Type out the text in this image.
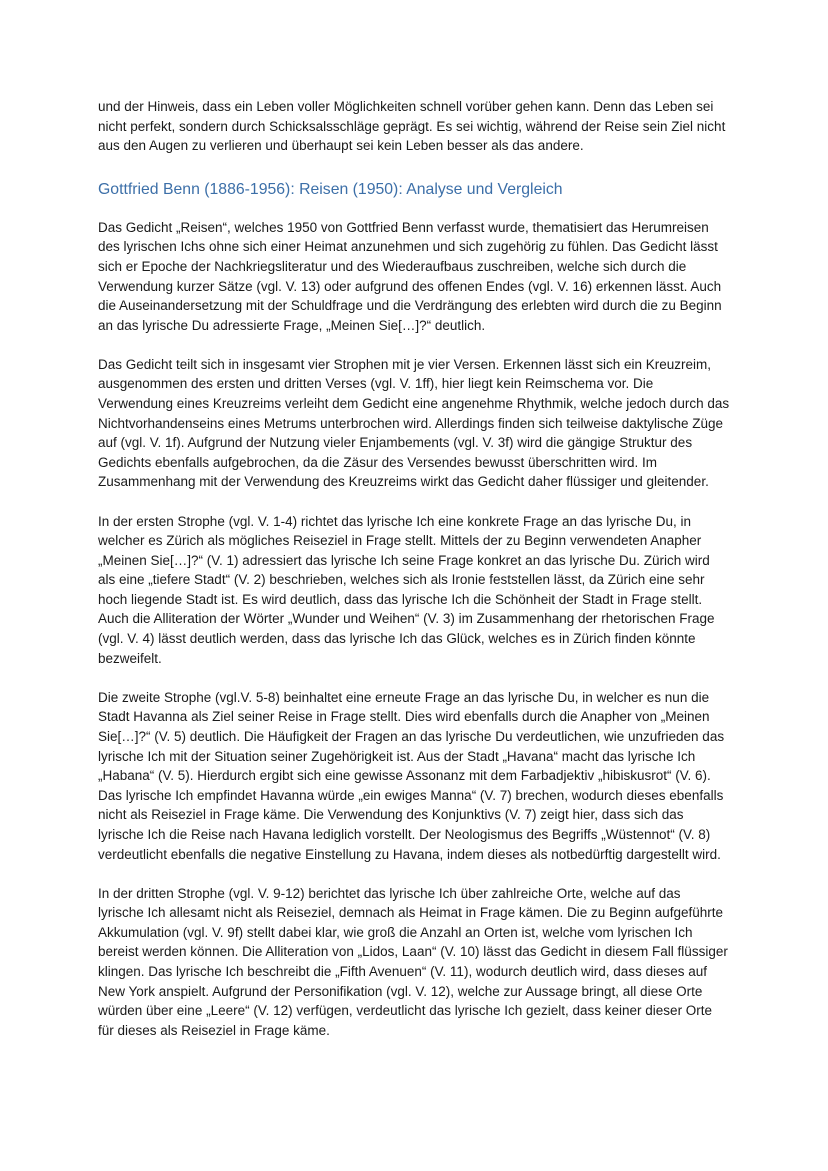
und der Hinweis, dass ein Leben voller Möglichkeiten schnell vorüber gehen kann. Denn das Leben sei nicht perfekt, sondern durch Schicksalsschläge geprägt. Es sei wichtig, während der Reise sein Ziel nicht aus den Augen zu verlieren und überhaupt sei kein Leben besser als das andere.

Gottfried Benn (1886-1956): Reisen (1950): Analyse und Vergleich

Das Gedicht „Reisen“, welches 1950 von Gottfried Benn verfasst wurde, thematisiert das Herumreisen des lyrischen Ichs ohne sich einer Heimat anzunehmen und sich zugehörig zu fühlen. Das Gedicht lässt sich er Epoche der Nachkriegsliteratur und des Wiederaufbaus zuschreiben, welche sich durch die Verwendung kurzer Sätze (vgl. V. 13) oder aufgrund des offenen Endes (vgl. V. 16) erkennen lässt. Auch die Auseinandersetzung mit der Schuldfrage und die Verdrängung des erlebten wird durch die zu Beginn an das lyrische Du adressierte Frage, „Meinen Sie[…]?“ deutlich.

Das Gedicht teilt sich in insgesamt vier Strophen mit je vier Versen. Erkennen lässt sich ein Kreuzreim, ausgenommen des ersten und dritten Verses (vgl. V. 1ff), hier liegt kein Reimschema vor. Die Verwendung eines Kreuzreims verleiht dem Gedicht eine angenehme Rhythmik, welche jedoch durch das Nichtvorhandenseins eines Metrums unterbrochen wird. Allerdings finden sich teilweise daktylische Züge auf (vgl. V. 1f). Aufgrund der Nutzung vieler Enjambements (vgl. V. 3f) wird die gängige Struktur des Gedichts ebenfalls aufgebrochen, da die Zäsur des Versendes bewusst überschritten wird. Im Zusammenhang mit der Verwendung des Kreuzreims wirkt das Gedicht daher flüssiger und gleitender.

In der ersten Strophe (vgl. V. 1-4) richtet das lyrische Ich eine konkrete Frage an das lyrische Du, in welcher es Zürich als mögliches Reiseziel in Frage stellt. Mittels der zu Beginn verwendeten Anapher „Meinen Sie[…]?“ (V. 1) adressiert das lyrische Ich seine Frage konkret an das lyrische Du. Zürich wird als eine „tiefere Stadt“ (V. 2) beschrieben, welches sich als Ironie feststellen lässt, da Zürich eine sehr hoch liegende Stadt ist. Es wird deutlich, dass das lyrische Ich die Schönheit der Stadt in Frage stellt. Auch die Alliteration der Wörter „Wunder und Weihen“ (V. 3) im Zusammenhang der rhetorischen Frage (vgl. V. 4) lässt deutlich werden, dass das lyrische Ich das Glück, welches es in Zürich finden könnte bezweifelt.

Die zweite Strophe (vgl.V. 5-8) beinhaltet eine erneute Frage an das lyrische Du, in welcher es nun die Stadt Havanna als Ziel seiner Reise in Frage stellt. Dies wird ebenfalls durch die Anapher von „Meinen Sie[…]?“ (V. 5) deutlich. Die Häufigkeit der Fragen an das lyrische Du verdeutlichen, wie unzufrieden das lyrische Ich mit der Situation seiner Zugehörigkeit ist. Aus der Stadt „Havana“ macht das lyrische Ich „Habana“ (V. 5). Hierdurch ergibt sich eine gewisse Assonanz mit dem Farbadjektiv „hibiskusrot“ (V. 6). Das lyrische Ich empfindet Havanna würde „ein ewiges Manna“ (V. 7) brechen, wodurch dieses ebenfalls nicht als Reiseziel in Frage käme. Die Verwendung des Konjunktivs (V. 7) zeigt hier, dass sich das lyrische Ich die Reise nach Havana lediglich vorstellt. Der Neologismus des Begriffs „Wüstennot“ (V. 8) verdeutlicht ebenfalls die negative Einstellung zu Havana, indem dieses als notbedürftig dargestellt wird.

In der dritten Strophe (vgl. V. 9-12) berichtet das lyrische Ich über zahlreiche Orte, welche auf das lyrische Ich allesamt nicht als Reiseziel, demnach als Heimat in Frage kämen. Die zu Beginn aufgeführte Akkumulation (vgl. V. 9f) stellt dabei klar, wie groß die Anzahl an Orten ist, welche vom lyrischen Ich bereist werden können. Die Alliteration von „Lidos, Laan“ (V. 10) lässt das Gedicht in diesem Fall flüssiger klingen. Das lyrische Ich beschreibt die „Fifth Avenuen“ (V. 11), wodurch deutlich wird, dass dieses auf New York anspielt. Aufgrund der Personifikation (vgl. V. 12), welche zur Aussage bringt, all diese Orte würden über eine „Leere“ (V. 12) verfügen, verdeutlicht das lyrische Ich gezielt, dass keiner dieser Orte für dieses als Reiseziel in Frage käme.
